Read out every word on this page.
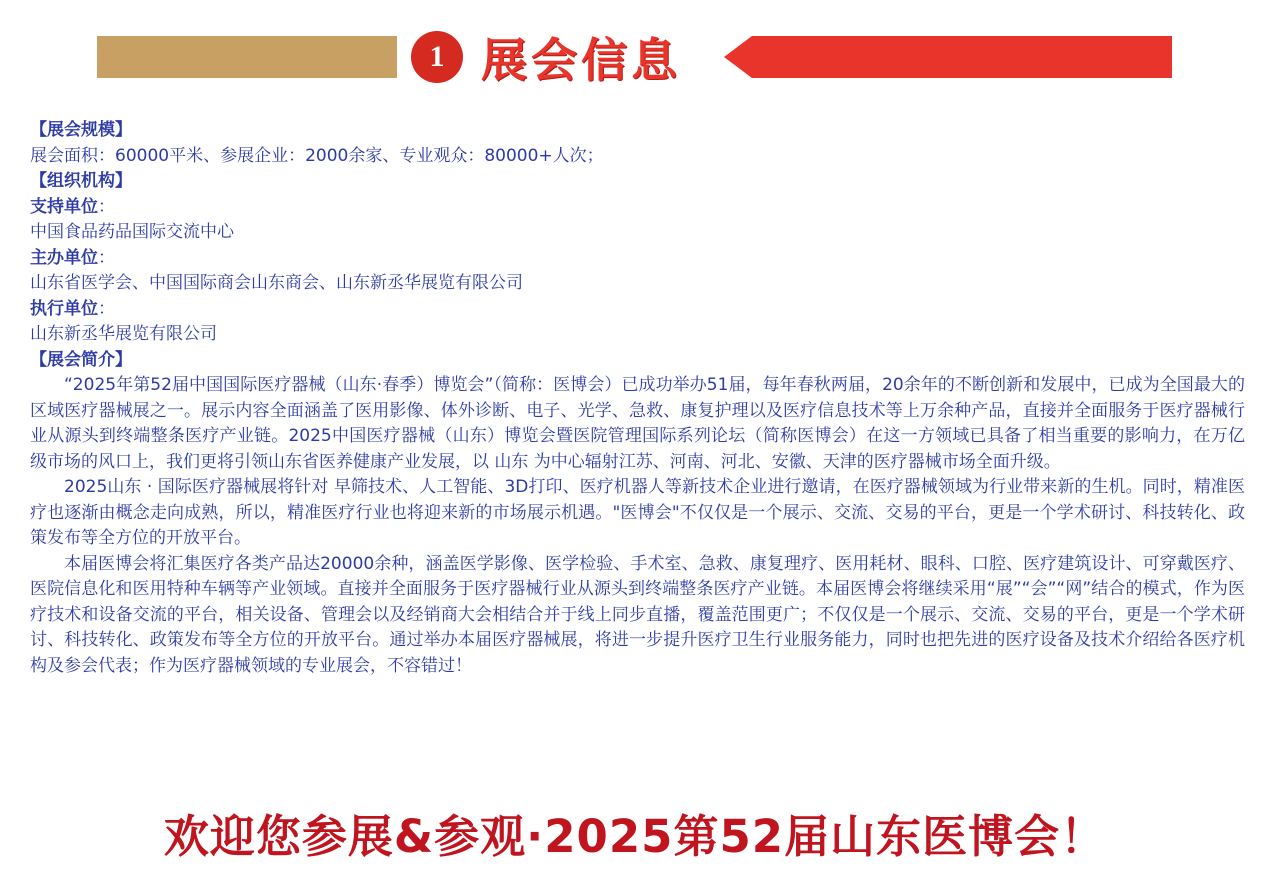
1 展会信息
【展会规模】
展会面积：60000平米、参展企业：2000余家、专业观众：80000+人次；
【组织机构】
支持单位：
中国食品药品国际交流中心
主办单位：
山东省医学会、中国国际商会山东商会、山东新丞华展览有限公司
执行单位：
山东新丞华展览有限公司
【展会简介】

“2025年第52届中国国际医疗器械（山东·春季）博览会”（简称：医博会）已成功举办51届，每年春秋两届，20余年的不断创新和发展中，已成为全国最大的区域医疗器械展之一。展示内容全面涵盖了医用影像、体外诊断、电子、光学、急救、康复护理以及医疗信息技术等上万余种产品，直接并全面服务于医疗器械行业从源头到终端整条医疗产业链。2025中国医疗器械（山东）博览会暨医院管理国际系列论坛（简称医博会）在这一方领域已具备了相当重要的影响力，在万亿级市场的风口上，我们更将引领山东省医养健康产业发展，以 山东 为中心辐射江苏、河南、河北、安徽、天津的医疗器械市场全面升级。

2025山东 · 国际医疗器械展将针对 早筛技术、人工智能、3D打印、医疗机器人等新技术企业进行邀请，在医疗器械领域为行业带来新的生机。同时，精准医疗也逐渐由概念走向成熟，所以，精准医疗行业也将迎来新的市场展示机遇。"医博会"不仅仅是一个展示、交流、交易的平台，更是一个学术研讨、科技转化、政策发布等全方位的开放平台。

本届医博会将汇集医疗各类产品达20000余种，涵盖医学影像、医学检验、手术室、急救、康复理疗、医用耗材、眼科、口腔、医疗建筑设计、可穿戴医疗、医院信息化和医用特种车辆等产业领域。直接并全面服务于医疗器械行业从源头到终端整条医疗产业链。本届医博会将继续采用“展”“会”“网”结合的模式，作为医疗技术和设备交流的平台，相关设备、管理会以及经销商大会相结合并于线上同步直播，覆盖范围更广；不仅仅是一个展示、交流、交易的平台，更是一个学术研讨、科技转化、政策发布等全方位的开放平台。通过举办本届医疗器械展，将进一步提升医疗卫生行业服务能力，同时也把先进的医疗设备及技术介绍给各医疗机构及参会代表；作为医疗器械领域的专业展会，不容错过！

欢迎您参展&参观·2025第52届山东医博会！
